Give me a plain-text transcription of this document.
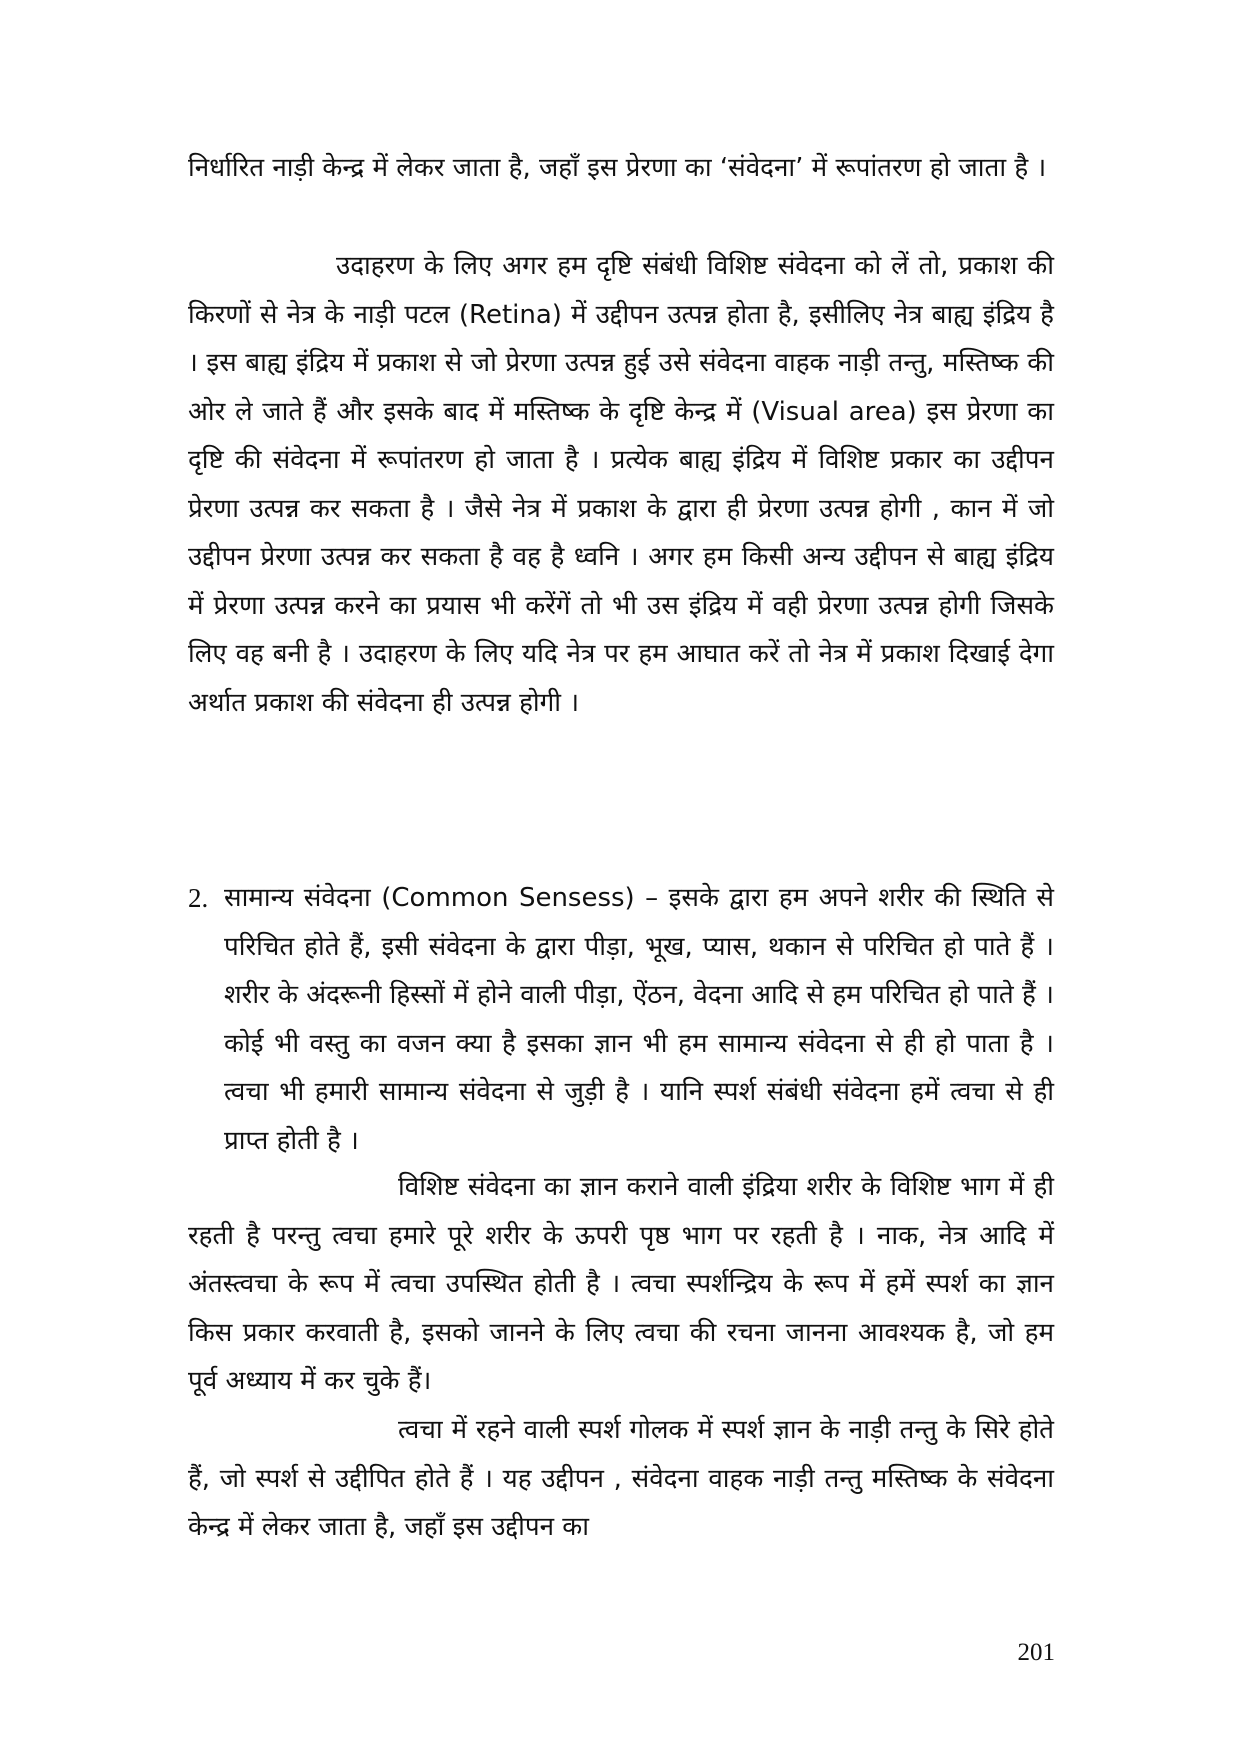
निर्धारित नाड़ी केन्द्र में लेकर जाता है, जहाँ इस प्रेरणा का ‘संवेदना’ में रूपांतरण हो जाता है ।

उदाहरण के लिए अगर हम दृष्टि संबंधी विशिष्ट संवेदना को लें तो, प्रकाश की किरणों से नेत्र के नाड़ी पटल (Retina) में उद्दीपन उत्पन्न होता है, इसीलिए नेत्र बाह्य इंद्रिय है । इस बाह्य इंद्रिय में प्रकाश से जो प्रेरणा उत्पन्न हुई उसे संवेदना वाहक नाड़ी तन्तु, मस्तिष्क की ओर ले जाते हैं और इसके बाद में मस्तिष्क के दृष्टि केन्द्र में (Visual area) इस प्रेरणा का दृष्टि की संवेदना में रूपांतरण हो जाता है । प्रत्येक बाह्य इंद्रिय में विशिष्ट प्रकार का उद्दीपन प्रेरणा उत्पन्न कर सकता है । जैसे नेत्र में प्रकाश के द्वारा ही प्रेरणा उत्पन्न होगी , कान में जो उद्दीपन प्रेरणा उत्पन्न कर सकता है वह है ध्वनि । अगर हम किसी अन्य उद्दीपन से बाह्य इंद्रिय में प्रेरणा उत्पन्न करने का प्रयास भी करेंगें तो भी उस इंद्रिय में वही प्रेरणा उत्पन्न होगी जिसके लिए वह बनी है । उदाहरण के लिए यदि नेत्र पर हम आघात करें तो नेत्र में प्रकाश दिखाई देगा अर्थात प्रकाश की संवेदना ही उत्पन्न होगी ।

2. सामान्य संवेदना (Common Sensess) – इसके द्वारा हम अपने शरीर की स्थिति से परिचित होते हैं, इसी संवेदना के द्वारा पीड़ा, भूख, प्यास, थकान से परिचित हो पाते हैं । शरीर के अंदरूनी हिस्सों में होने वाली पीड़ा, ऐंठन, वेदना आदि से हम परिचित हो पाते हैं । कोई भी वस्तु का वजन क्या है इसका ज्ञान भी हम सामान्य संवेदना से ही हो पाता है । त्वचा भी हमारी सामान्य संवेदना से जुड़ी है । यानि स्पर्श संबंधी संवेदना हमें त्वचा से ही प्राप्त होती है ।

विशिष्ट संवेदना का ज्ञान कराने वाली इंद्रिया शरीर के विशिष्ट भाग में ही रहती है परन्तु त्वचा हमारे पूरे शरीर के ऊपरी पृष्ठ भाग पर रहती है । नाक, नेत्र आदि में अंतस्त्वचा के रूप में त्वचा उपस्थित होती है । त्वचा स्पर्शन्द्रिय के रूप में हमें स्पर्श का ज्ञान किस प्रकार करवाती है, इसको जानने के लिए त्वचा की रचना जानना आवश्यक है, जो हम पूर्व अध्याय में कर चुके हैं।

त्वचा में रहने वाली स्पर्श गोलक में स्पर्श ज्ञान के नाड़ी तन्तु के सिरे होते हैं, जो स्पर्श से उद्दीपित होते हैं । यह उद्दीपन , संवेदना वाहक नाड़ी तन्तु मस्तिष्क के संवेदना केन्द्र में लेकर जाता है, जहाँ इस उद्दीपन का

201
